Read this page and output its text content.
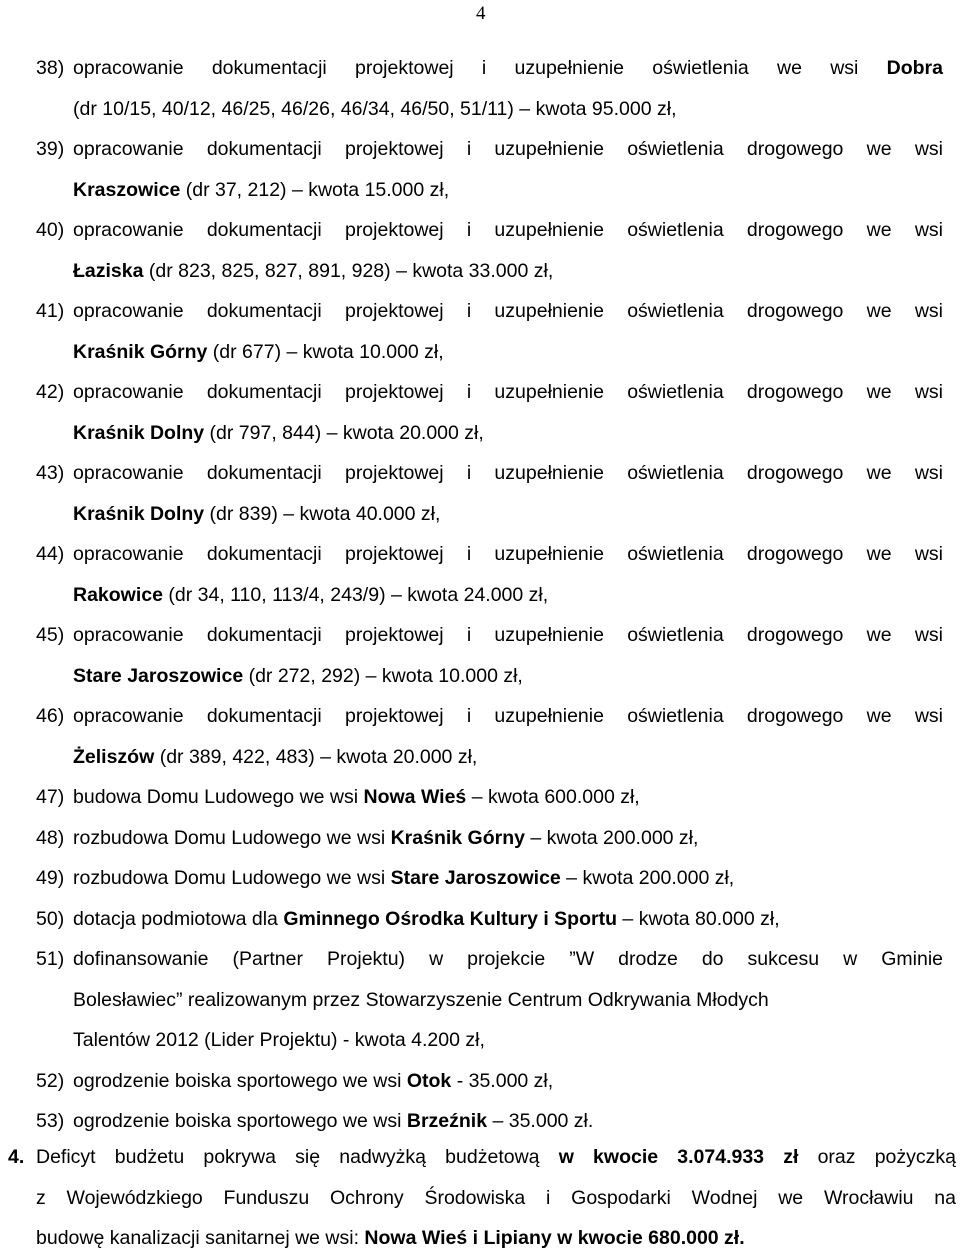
4
38) opracowanie dokumentacji projektowej i uzupełnienie oświetlenia we wsi Dobra
(dr 10/15, 40/12, 46/25, 46/26, 46/34, 46/50, 51/11) – kwota 95.000 zł,
39) opracowanie dokumentacji projektowej i uzupełnienie oświetlenia drogowego we wsi
Kraszowice (dr 37, 212) – kwota 15.000 zł,
40) opracowanie dokumentacji projektowej i uzupełnienie oświetlenia drogowego we wsi
Łaziska (dr 823, 825, 827, 891, 928) – kwota 33.000 zł,
41) opracowanie dokumentacji projektowej i uzupełnienie oświetlenia drogowego we wsi
Kraśnik Górny (dr 677) – kwota 10.000 zł,
42) opracowanie dokumentacji projektowej i uzupełnienie oświetlenia drogowego we wsi
Kraśnik Dolny (dr 797, 844) – kwota 20.000 zł,
43) opracowanie dokumentacji projektowej i uzupełnienie oświetlenia drogowego we wsi
Kraśnik Dolny (dr 839) – kwota 40.000 zł,
44) opracowanie dokumentacji projektowej i uzupełnienie oświetlenia drogowego we wsi
Rakowice (dr 34, 110, 113/4, 243/9) – kwota 24.000 zł,
45) opracowanie dokumentacji projektowej i uzupełnienie oświetlenia drogowego we wsi
Stare Jaroszowice (dr 272, 292) – kwota 10.000 zł,
46) opracowanie dokumentacji projektowej i uzupełnienie oświetlenia drogowego we wsi
Żeliszów (dr 389, 422, 483) – kwota 20.000 zł,
47) budowa Domu Ludowego we wsi Nowa Wieś – kwota 600.000 zł,
48) rozbudowa Domu Ludowego we wsi Kraśnik Górny – kwota 200.000 zł,
49) rozbudowa Domu Ludowego we wsi Stare Jaroszowice – kwota 200.000 zł,
50) dotacja podmiotowa dla Gminnego Ośrodka Kultury i Sportu – kwota 80.000 zł,
51) dofinansowanie (Partner Projektu) w projekcie ”W drodze do sukcesu w Gminie
Bolesławiec” realizowanym przez Stowarzyszenie Centrum Odkrywania Młodych
Talentów 2012 (Lider Projektu) - kwota 4.200 zł,
52) ogrodzenie boiska sportowego we wsi Otok - 35.000 zł,
53) ogrodzenie boiska sportowego we wsi Brzeźnik – 35.000 zł.
4. Deficyt budżetu pokrywa się nadwyżką budżetową w kwocie 3.074.933 zł oraz pożyczką
z Wojewódzkiego Funduszu Ochrony Środowiska i Gospodarki Wodnej we Wrocławiu na
budowę kanalizacji sanitarnej we wsi: Nowa Wieś i Lipiany w kwocie 680.000 zł.
